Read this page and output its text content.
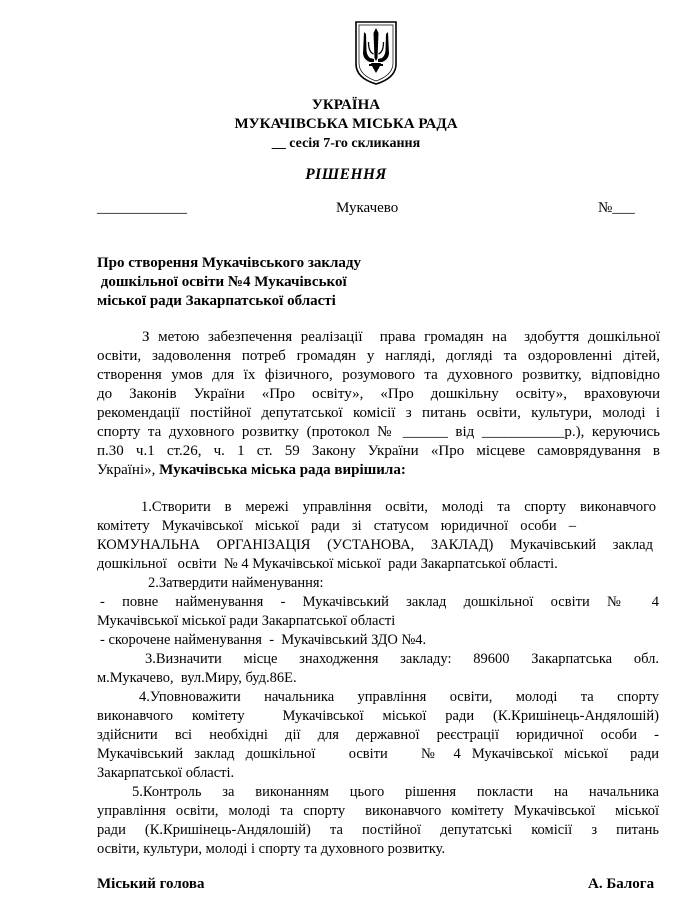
УКРАЇНА
МУКАЧІВСЬКА МІСЬКА РАДА
__ сесія 7-го скликання
РІШЕННЯ
____________	Мукачево	№___
Про створення Мукачівського закладу
дошкільної освіти №4 Мукачівської
міської ради Закарпатської області
З метою забезпечення реалізації  права громадян на  здобуття дошкільної
освіти, задоволення потреб громадян у нагляді, догляді та оздоровленні дітей,
створення умов для їх фізичного, розумового та духовного розвитку, відповідно
до Законів України «Про освіту», «Про дошкільну освіту», враховуючи
рекомендації постійної депутатської комісії з питань освіти, культури, молоді і
спорту та духовного розвитку (протокол № ______ від ___________р.), керуючись
п.30 ч.1 ст.26, ч. 1 ст. 59 Закону України «Про місцеве самоврядування в
Україні», Мукачівська міська рада вирішила:
1.Створити в мережі управління освіти, молоді та спорту виконавчого
комітету Мукачівської міської ради зі статусом юридичної особи –
КОМУНАЛЬНА ОРГАНІЗАЦІЯ (УСТАНОВА, ЗАКЛАД) Мукачівський заклад
дошкільної   освіти  № 4 Мукачівської міської  ради Закарпатської області.
2.Затвердити найменування:
- повне найменування - Мукачівський заклад дошкільної освіти № 4
Мукачівської міської ради Закарпатської області
- скорочене найменування  -  Мукачівський ЗДО №4.
3.Визначити місце знаходження закладу: 89600 Закарпатська обл.
м.Мукачево,  вул.Миру, буд.86Е.
4.Уповноважити начальника управління освіти, молоді та спорту
виконавчого комітету  Мукачівської міської ради (К.Кришінець-Андялошій)
здійснити всі необхідні дії для державної реєстрації юридичної особи -
Мукачівський заклад дошкільної   освіти   № 4 Мукачівської міської  ради
Закарпатської області.
5.Контроль за виконанням цього рішення покласти на начальника
управління освіти, молоді та спорту  виконавчого комітету Мукачівської  міської
ради (К.Кришінець-Андялошій) та постійної депутатські комісії з питань
освіти, культури, молоді і спорту та духовного розвитку.
Міський голова	А. Балога
